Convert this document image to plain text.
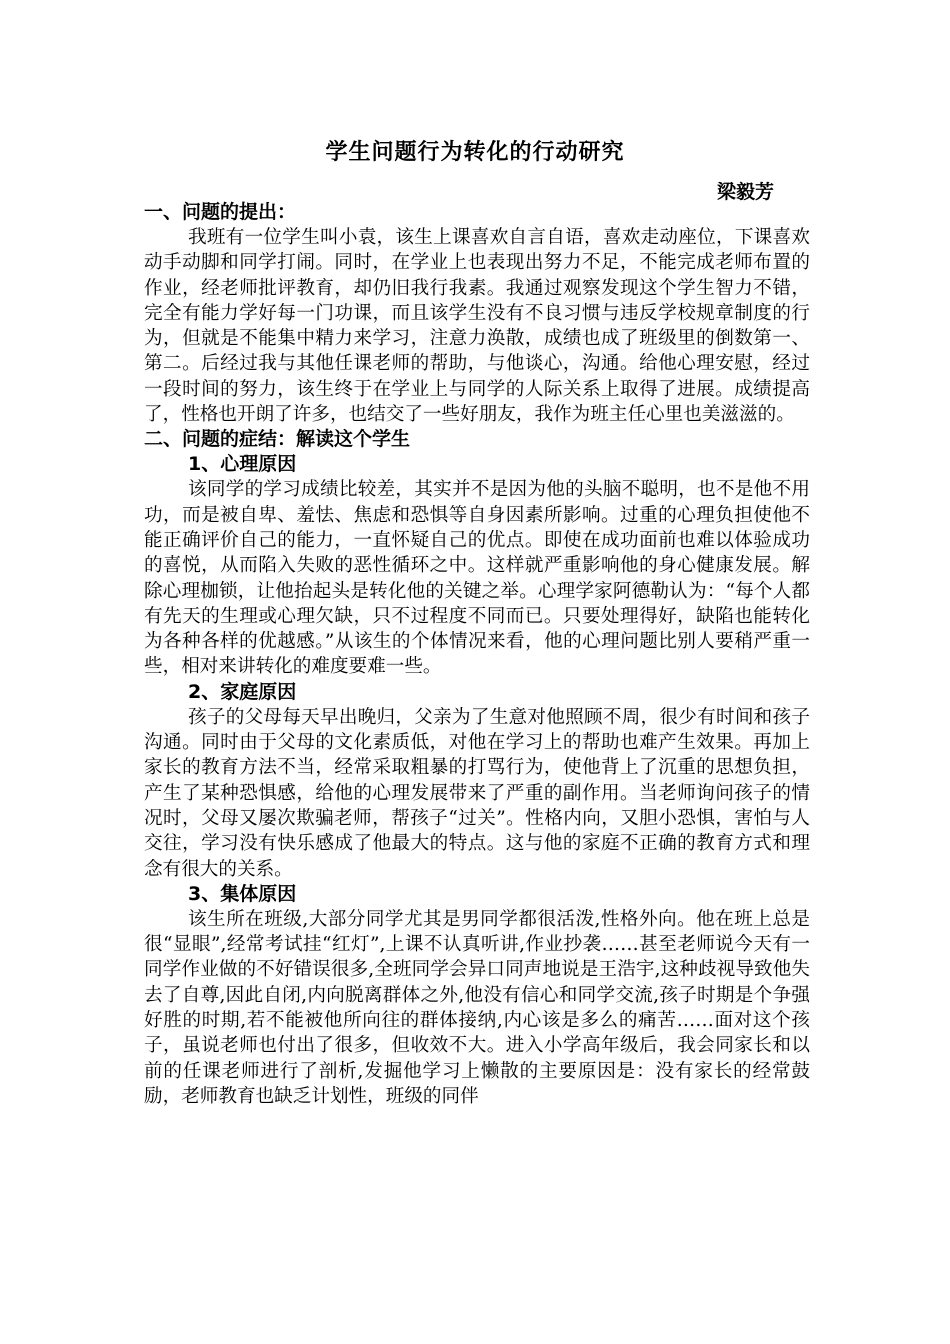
学生问题行为转化的行动研究
梁毅芳
一、问题的提出：

我班有一位学生叫小袁，该生上课喜欢自言自语，喜欢走动座位，下课喜欢动手动脚和同学打闹。同时，在学业上也表现出努力不足，不能完成老师布置的作业，经老师批评教育，却仍旧我行我素。我通过观察发现这个学生智力不错，完全有能力学好每一门功课，而且该学生没有不良习惯与违反学校规章制度的行为，但就是不能集中精力来学习，注意力涣散，成绩也成了班级里的倒数第一、第二。后经过我与其他任课老师的帮助，与他谈心，沟通。给他心理安慰，经过一段时间的努力，该生终于在学业上与同学的人际关系上取得了进展。成绩提高了，性格也开朗了许多，也结交了一些好朋友，我作为班主任心里也美滋滋的。

二、问题的症结：解读这个学生
1、心理原因

该同学的学习成绩比较差，其实并不是因为他的头脑不聪明，也不是他不用功，而是被自卑、羞怯、焦虑和恐惧等自身因素所影响。过重的心理负担使他不能正确评价自己的能力，一直怀疑自己的优点。即使在成功面前也难以体验成功的喜悦，从而陷入失败的恶性循环之中。这样就严重影响他的身心健康发展。解除心理枷锁，让他抬起头是转化他的关键之举。心理学家阿德勒认为：“每个人都有先天的生理或心理欠缺，只不过程度不同而已。只要处理得好，缺陷也能转化为各种各样的优越感。”从该生的个体情况来看，他的心理问题比别人要稍严重一些，相对来讲转化的难度要难一些。

2、家庭原因

孩子的父母每天早出晚归，父亲为了生意对他照顾不周，很少有时间和孩子沟通。同时由于父母的文化素质低，对他在学习上的帮助也难产生效果。再加上家长的教育方法不当，经常采取粗暴的打骂行为，使他背上了沉重的思想负担，产生了某种恐惧感，给他的心理发展带来了严重的副作用。当老师询问孩子的情况时，父母又屡次欺骗老师，帮孩子“过关”。性格内向，又胆小恐惧，害怕与人交往，学习没有快乐感成了他最大的特点。这与他的家庭不正确的教育方式和理念有很大的关系。

3、集体原因

该生所在班级,大部分同学尤其是男同学都很活泼,性格外向。他在班上总是很“显眼”,经常考试挂“红灯”,上课不认真听讲,作业抄袭……甚至老师说今天有一同学作业做的不好错误很多,全班同学会异口同声地说是王浩宇,这种歧视导致他失去了自尊,因此自闭,内向脱离群体之外,他没有信心和同学交流,孩子时期是个争强好胜的时期,若不能被他所向往的群体接纳,内心该是多么的痛苦……面对这个孩子，虽说老师也付出了很多，但收效不大。进入小学高年级后，我会同家长和以前的任课老师进行了剖析,发掘他学习上懒散的主要原因是：没有家长的经常鼓励，老师教育也缺乏计划性，班级的同伴
